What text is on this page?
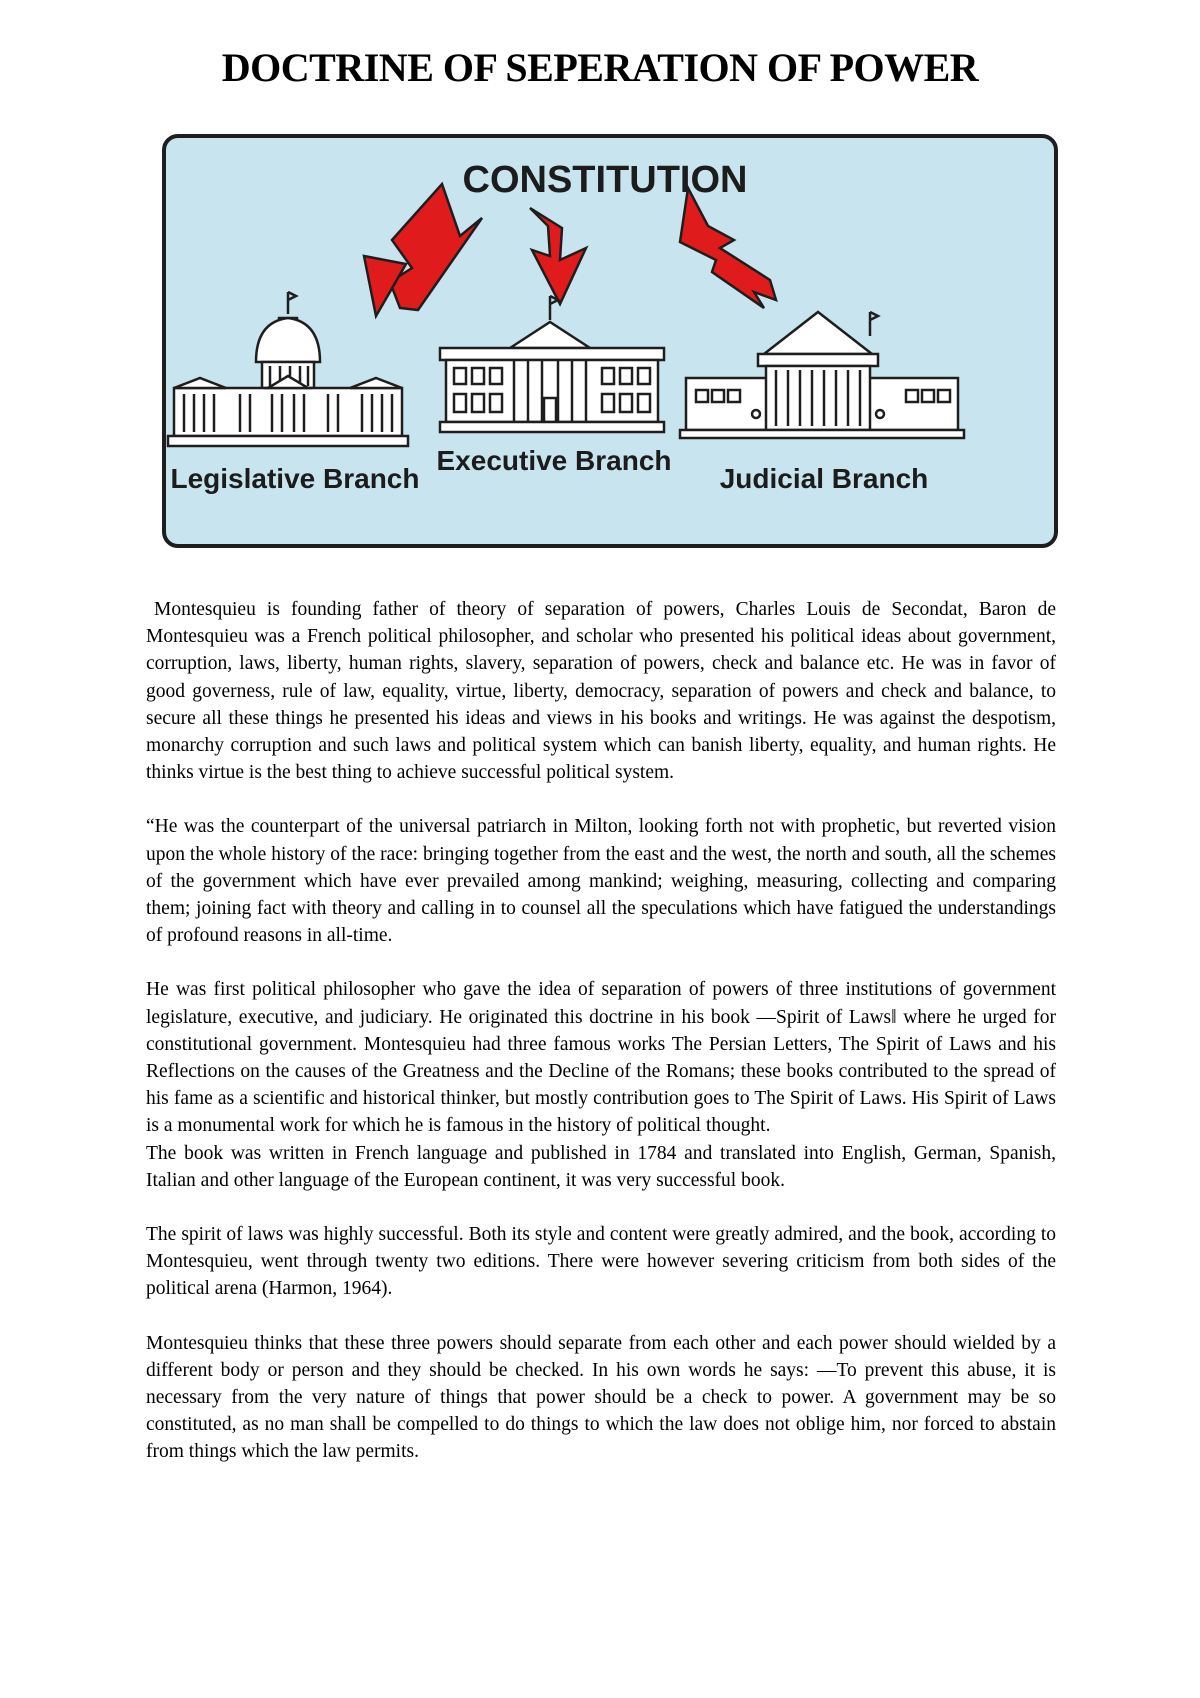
DOCTRINE OF SEPERATION OF POWER
CONSTITUTION
Legislative Branch
Executive Branch
Judicial Branch

Montesquieu is founding father of theory of separation of powers, Charles Louis de Secondat, Baron de Montesquieu was a French political philosopher, and scholar who presented his political ideas about government, corruption, laws, liberty, human rights, slavery, separation of powers, check and balance etc. He was in favor of good governess, rule of law, equality, virtue, liberty, democracy, separation of powers and check and balance, to secure all these things he presented his ideas and views in his books and writings. He was against the despotism, monarchy corruption and such laws and political system which can banish liberty, equality, and human rights. He thinks virtue is the best thing to achieve successful political system.

“He was the counterpart of the universal patriarch in Milton, looking forth not with prophetic, but reverted vision upon the whole history of the race: bringing together from the east and the west, the north and south, all the schemes of the government which have ever prevailed among mankind; weighing, measuring, collecting and comparing them; joining fact with theory and calling in to counsel all the speculations which have fatigued the understandings of profound reasons in all-time.

He was first political philosopher who gave the idea of separation of powers of three institutions of government legislature, executive, and judiciary. He originated this doctrine in his book ―Spirit of Laws‖ where he urged for constitutional government. Montesquieu had three famous works The Persian Letters, The Spirit of Laws and his Reflections on the causes of the Greatness and the Decline of the Romans; these books contributed to the spread of his fame as a scientific and historical thinker, but mostly contribution goes to The Spirit of Laws. His Spirit of Laws is a monumental work for which he is famous in the history of political thought.

The book was written in French language and published in 1784 and translated into English, German, Spanish, Italian and other language of the European continent, it was very successful book.

The spirit of laws was highly successful. Both its style and content were greatly admired, and the book, according to Montesquieu, went through twenty two editions. There were however severing criticism from both sides of the political arena (Harmon, 1964).

Montesquieu thinks that these three powers should separate from each other and each power should wielded by a different body or person and they should be checked. In his own words he says: ―To prevent this abuse, it is necessary from the very nature of things that power should be a check to power. A government may be so constituted, as no man shall be compelled to do things to which the law does not oblige him, nor forced to abstain from things which the law permits.
